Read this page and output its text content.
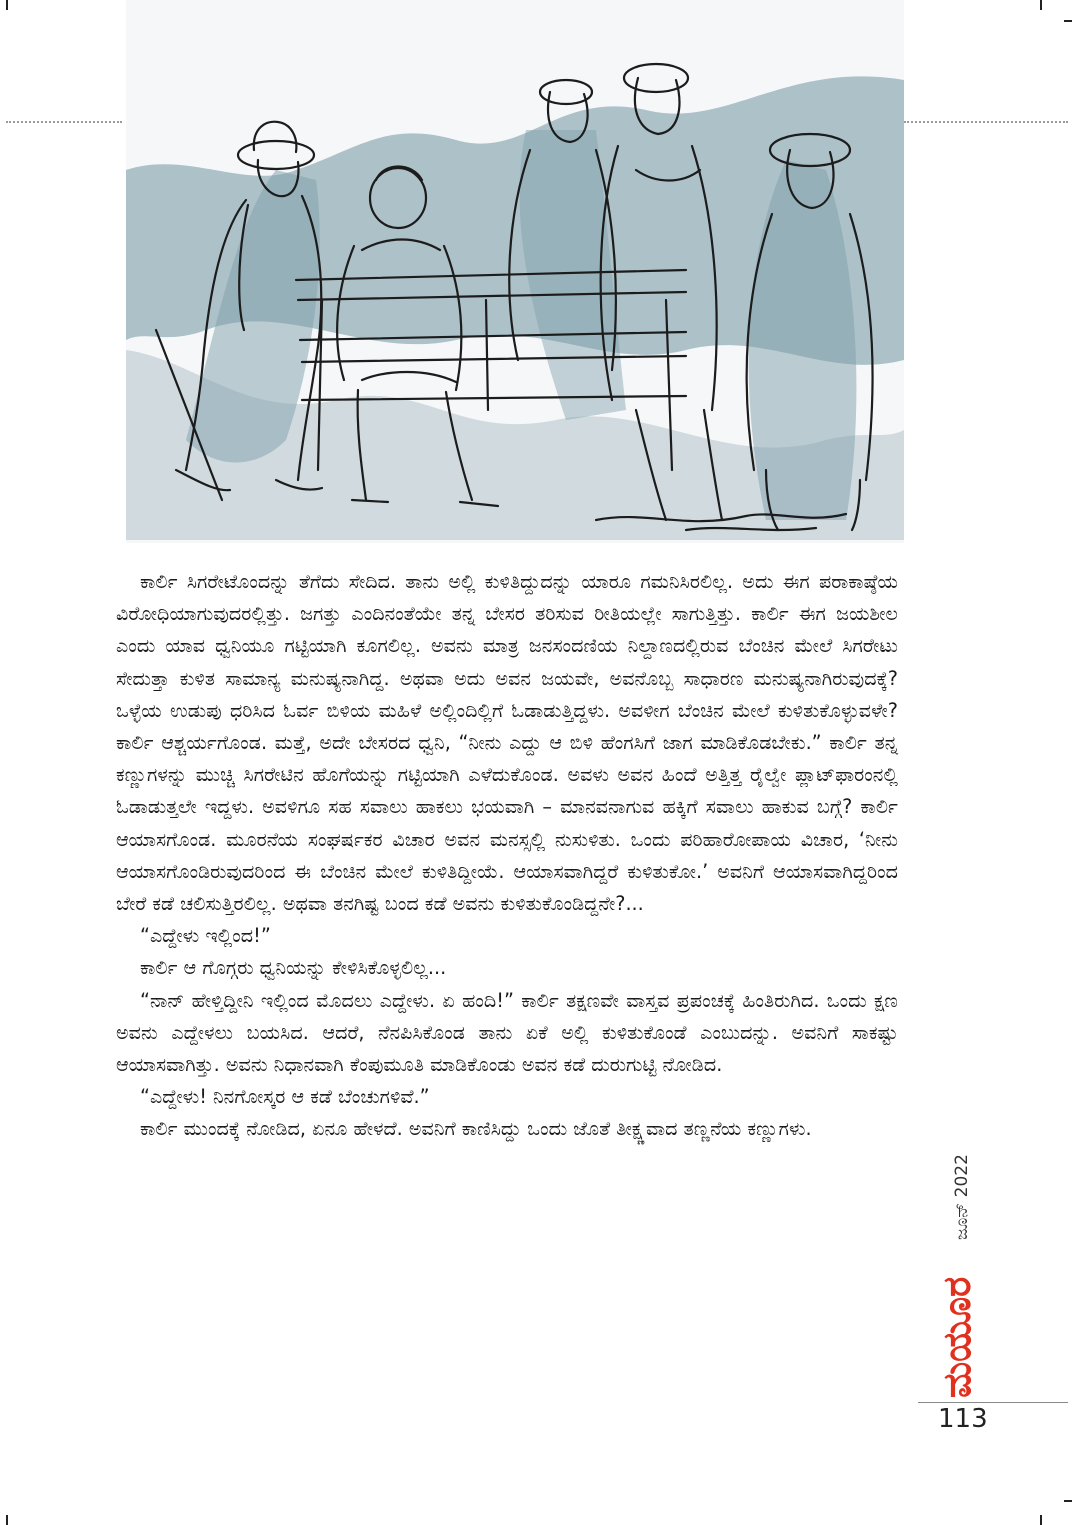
ಕಾರ್ಲಿ ಸಿಗರೇಟೊಂದನ್ನು ತೆಗೆದು ಸೇದಿದ. ತಾನು ಅಲ್ಲಿ ಕುಳಿತಿದ್ದುದನ್ನು ಯಾರೂ ಗಮನಿಸಿರಲಿಲ್ಲ. ಅದು ಈಗ ಪರಾಕಾಷ್ಠೆಯ ವಿರೋಧಿಯಾಗುವುದರಲ್ಲಿತ್ತು. ಜಗತ್ತು ಎಂದಿನಂತೆಯೇ ತನ್ನ ಬೇಸರ ತರಿಸುವ ರೀತಿಯಲ್ಲೇ ಸಾಗುತ್ತಿತ್ತು. ಕಾರ್ಲಿ ಈಗ ಜಯಶೀಲ ಎಂದು ಯಾವ ಧ್ವನಿಯೂ ಗಟ್ಟಿಯಾಗಿ ಕೂಗಲಿಲ್ಲ. ಅವನು ಮಾತ್ರ ಜನಸಂದಣಿಯ ನಿಲ್ದಾಣದಲ್ಲಿರುವ ಬೆಂಚಿನ ಮೇಲೆ ಸಿಗರೇಟು ಸೇದುತ್ತಾ ಕುಳಿತ ಸಾಮಾನ್ಯ ಮನುಷ್ಯನಾಗಿದ್ದ. ಅಥವಾ ಅದು ಅವನ ಜಯವೇ, ಅವನೊಬ್ಬ ಸಾಧಾರಣ ಮನುಷ್ಯನಾಗಿರುವುದಕ್ಕೆ? ಒಳ್ಳೆಯ ಉಡುಪು ಧರಿಸಿದ ಓರ್ವ ಬಿಳಿಯ ಮಹಿಳೆ ಅಲ್ಲಿಂದಿಲ್ಲಿಗೆ ಓಡಾಡುತ್ತಿದ್ದಳು. ಅವಳೀಗ ಬೆಂಚಿನ ಮೇಲೆ ಕುಳಿತುಕೊಳ್ಳುವಳೇ? ಕಾರ್ಲಿ ಆಶ್ಚರ್ಯಗೊಂಡ. ಮತ್ತೆ, ಅದೇ ಬೇಸರದ ಧ್ವನಿ, “ನೀನು ಎದ್ದು ಆ ಬಿಳಿ ಹೆಂಗಸಿಗೆ ಜಾಗ ಮಾಡಿಕೊಡಬೇಕು.” ಕಾರ್ಲಿ ತನ್ನ ಕಣ್ಣುಗಳನ್ನು ಮುಚ್ಚಿ ಸಿಗರೇಟಿನ ಹೊಗೆಯನ್ನು ಗಟ್ಟಿಯಾಗಿ ಎಳೆದುಕೊಂಡ. ಅವಳು ಅವನ ಹಿಂದೆ ಅತ್ತಿತ್ತ ರೈಲ್ವೇ ಪ್ಲಾಟ್‌ಫಾರಂನಲ್ಲಿ ಓಡಾಡುತ್ತಲೇ ಇದ್ದಳು. ಅವಳಿಗೂ ಸಹ ಸವಾಲು ಹಾಕಲು ಭಯವಾಗಿ – ಮಾನವನಾಗುವ ಹಕ್ಕಿಗೆ ಸವಾಲು ಹಾಕುವ ಬಗ್ಗೆ? ಕಾರ್ಲಿ ಆಯಾಸಗೊಂಡ. ಮೂರನೆಯ ಸಂಘರ್ಷಕರ ವಿಚಾರ ಅವನ ಮನಸ್ಸಲ್ಲಿ ನುಸುಳಿತು. ಒಂದು ಪರಿಹಾರೋಪಾಯ ವಿಚಾರ, ‘ನೀನು ಆಯಾಸಗೊಂಡಿರುವುದರಿಂದ ಈ ಬೆಂಚಿನ ಮೇಲೆ ಕುಳಿತಿದ್ದೀಯೆ. ಆಯಾಸವಾಗಿದ್ದರೆ ಕುಳಿತುಕೋ.’ ಅವನಿಗೆ ಆಯಾಸವಾಗಿದ್ದರಿಂದ ಬೇರೆ ಕಡೆ ಚಲಿಸುತ್ತಿರಲಿಲ್ಲ. ಅಥವಾ ತನಗಿಷ್ಟ ಬಂದ ಕಡೆ ಅವನು ಕುಳಿತುಕೊಂಡಿದ್ದನೇ?...

“ಎದ್ದೇಳು ಇಲ್ಲಿಂದ!”

ಕಾರ್ಲಿ ಆ ಗೊಗ್ಗರು ಧ್ವನಿಯನ್ನು ಕೇಳಿಸಿಕೊಳ್ಳಲಿಲ್ಲ...

“ನಾನ್ ಹೇಳ್ತಿದ್ದೀನಿ ಇಲ್ಲಿಂದ ಮೊದಲು ಎದ್ದೇಳು. ಏ ಹಂದಿ!” ಕಾರ್ಲಿ ತಕ್ಷಣವೇ ವಾಸ್ತವ ಪ್ರಪಂಚಕ್ಕೆ ಹಿಂತಿರುಗಿದ. ಒಂದು ಕ್ಷಣ ಅವನು ಎದ್ದೇಳಲು ಬಯಸಿದ. ಆದರೆ, ನೆನಪಿಸಿಕೊಂಡ ತಾನು ಏಕೆ ಅಲ್ಲಿ ಕುಳಿತುಕೊಂಡೆ ಎಂಬುದನ್ನು. ಅವನಿಗೆ ಸಾಕಷ್ಟು ಆಯಾಸವಾಗಿತ್ತು. ಅವನು ನಿಧಾನವಾಗಿ ಕೆಂಪುಮೂತಿ ಮಾಡಿಕೊಂಡು ಅವನ ಕಡೆ ದುರುಗುಟ್ಟಿ ನೋಡಿದ.

“ಎದ್ದೇಳು! ನಿನಗೋಸ್ಕರ ಆ ಕಡೆ ಬೆಂಚುಗಳಿವೆ.”

ಕಾರ್ಲಿ ಮುಂದಕ್ಕೆ ನೋಡಿದ, ಏನೂ ಹೇಳದೆ. ಅವನಿಗೆ ಕಾಣಿಸಿದ್ದು ಒಂದು ಜೊತೆ ತೀಕ್ಷ್ಣವಾದ ತಣ್ಣನೆಯ ಕಣ್ಣುಗಳು.

ಜೂನ್ 2022
ಮಯೂರ
113
